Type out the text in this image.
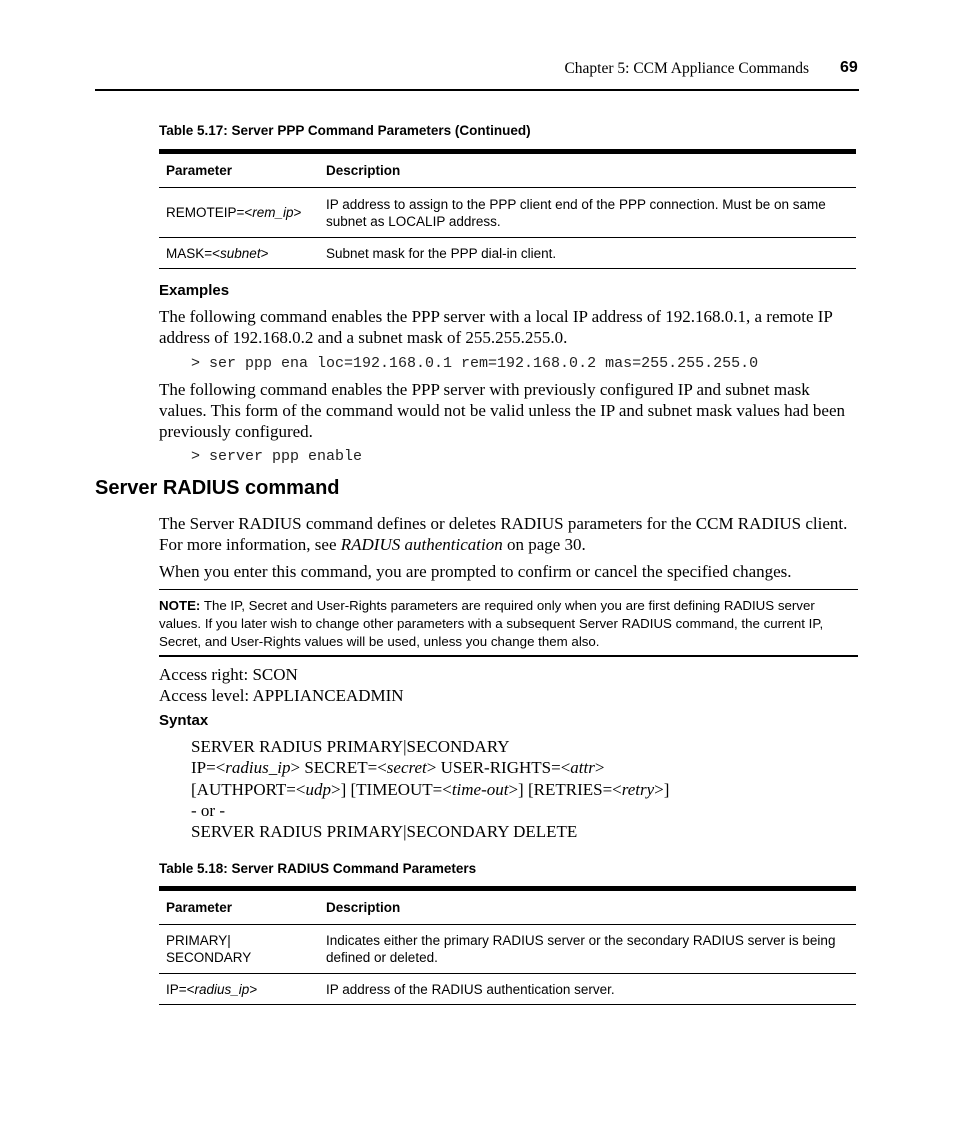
Chapter 5: CCM Appliance Commands 69
Table 5.17: Server PPP Command Parameters (Continued)
Parameter	Description
REMOTEIP=<rem_ip>	IP address to assign to the PPP client end of the PPP connection. Must be on same subnet as LOCALIP address.
MASK=<subnet>	Subnet mask for the PPP dial-in client.
Examples
The following command enables the PPP server with a local IP address of 192.168.0.1, a remote IP address of 192.168.0.2 and a subnet mask of 255.255.255.0.
> ser ppp ena loc=192.168.0.1 rem=192.168.0.2 mas=255.255.255.0
The following command enables the PPP server with previously configured IP and subnet mask values. This form of the command would not be valid unless the IP and subnet mask values had been previously configured.
> server ppp enable
Server RADIUS command
The Server RADIUS command defines or deletes RADIUS parameters for the CCM RADIUS client. For more information, see RADIUS authentication on page 30.
When you enter this command, you are prompted to confirm or cancel the specified changes.
NOTE: The IP, Secret and User-Rights parameters are required only when you are first defining RADIUS server values. If you later wish to change other parameters with a subsequent Server RADIUS command, the current IP, Secret, and User-Rights values will be used, unless you change them also.
Access right: SCON
Access level: APPLIANCEADMIN
Syntax
SERVER RADIUS PRIMARY|SECONDARY
IP=<radius_ip> SECRET=<secret> USER-RIGHTS=<attr>
[AUTHPORT=<udp>] [TIMEOUT=<time-out>] [RETRIES=<retry>]
- or -
SERVER RADIUS PRIMARY|SECONDARY DELETE
Table 5.18: Server RADIUS Command Parameters
Parameter	Description

PRIMARY|
SECONDARY	Indicates either the primary RADIUS server or the secondary RADIUS server is being defined or deleted.
IP=<radius_ip>	IP address of the RADIUS authentication server.
